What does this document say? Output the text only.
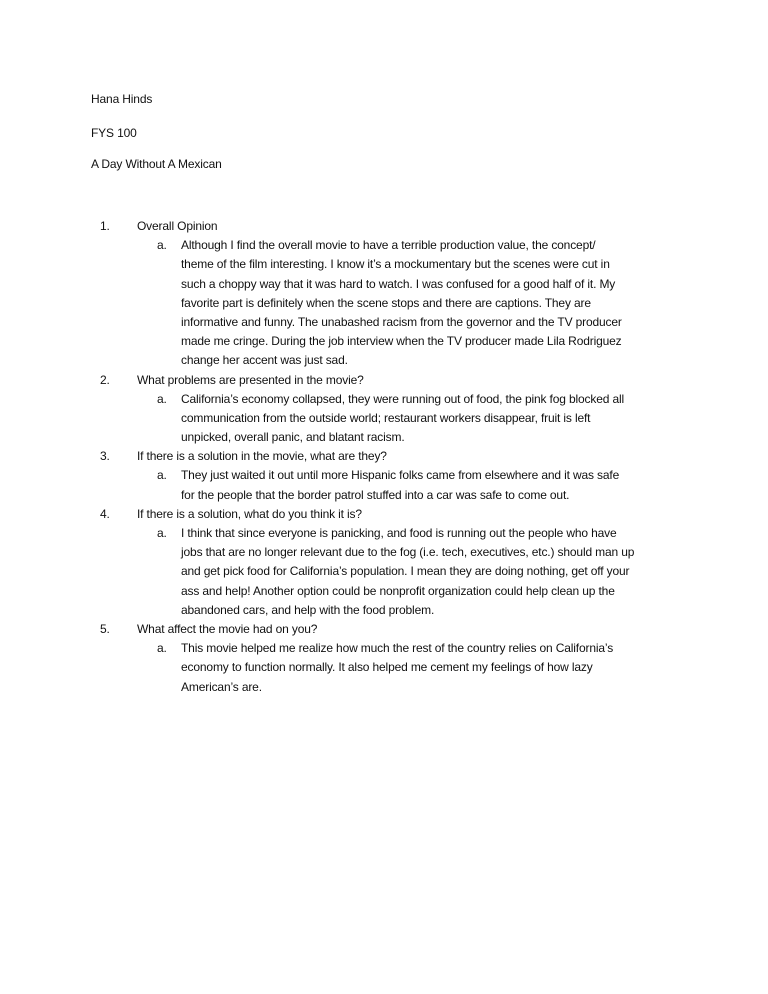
Hana Hinds
FYS 100
A Day Without A Mexican
1. Overall Opinion
a. Although I find the overall movie to have a terrible production value, the concept/
theme of the film interesting. I know it’s a mockumentary but the scenes were cut in
such a choppy way that it was hard to watch. I was confused for a good half of it. My
favorite part is definitely when the scene stops and there are captions. They are
informative and funny. The unabashed racism from the governor and the TV producer
made me cringe. During the job interview when the TV producer made Lila Rodriguez
change her accent was just sad.
2. What problems are presented in the movie?
a. California’s economy collapsed, they were running out of food, the pink fog blocked all
communication from the outside world; restaurant workers disappear, fruit is left
unpicked, overall panic, and blatant racism.
3. If there is a solution in the movie, what are they?
a. They just waited it out until more Hispanic folks came from elsewhere and it was safe
for the people that the border patrol stuffed into a car was safe to come out.
4. If there is a solution, what do you think it is?
a. I think that since everyone is panicking, and food is running out the people who have
jobs that are no longer relevant due to the fog (i.e. tech, executives, etc.) should man up
and get pick food for California’s population. I mean they are doing nothing, get off your
ass and help! Another option could be nonprofit organization could help clean up the
abandoned cars, and help with the food problem.
5. What affect the movie had on you?
a. This movie helped me realize how much the rest of the country relies on California’s
economy to function normally. It also helped me cement my feelings of how lazy
American’s are.
